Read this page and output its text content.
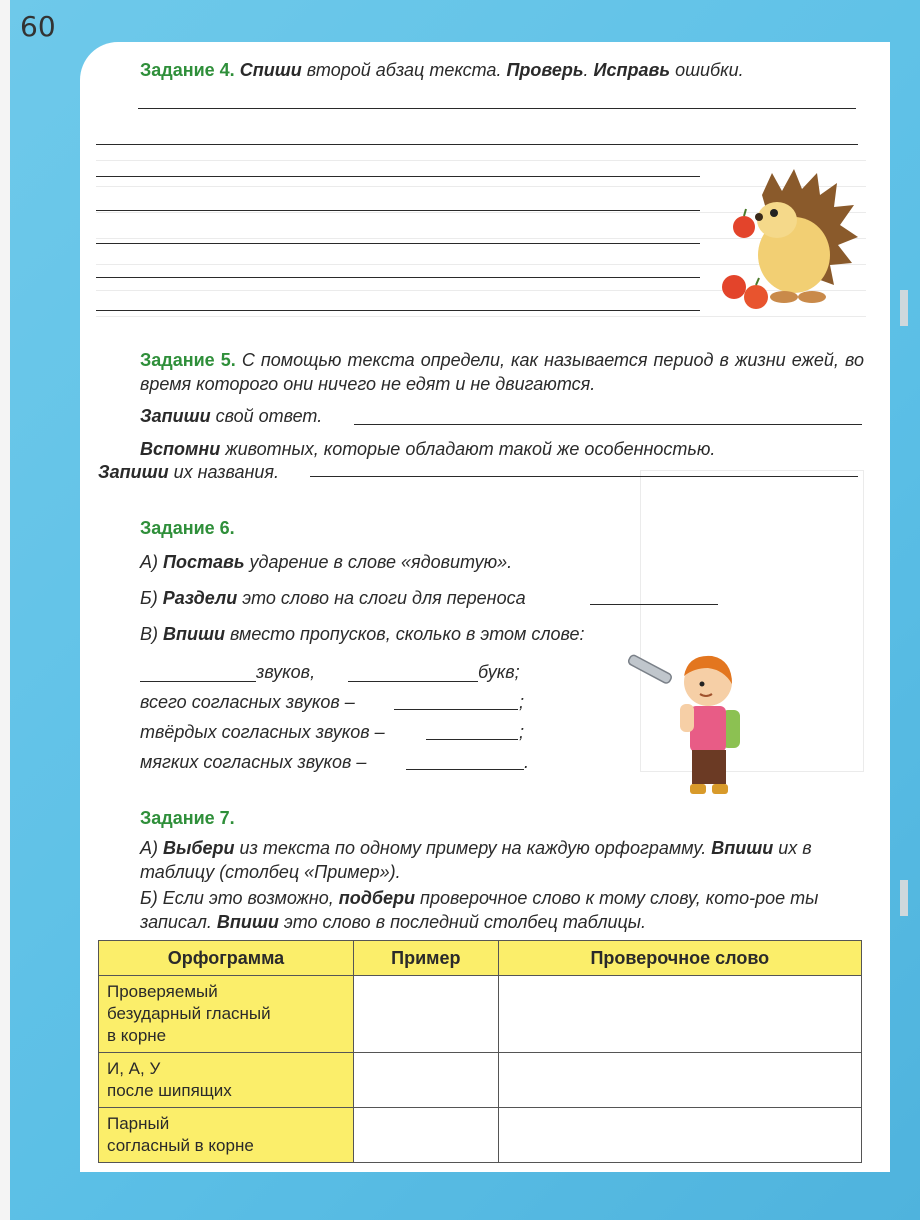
60
Задание 4. Спиши второй абзац текста. Проверь. Исправь ошибки.
Задание 5. С помощью текста определи, как называется период в жизни ежей, во время которого они ничего не едят и не двигаются.
Запиши свой ответ.
Вспомни животных, которые обладают такой же особенностью.
Запиши их названия.
Задание 6.
А) Поставь ударение в слове «ядовитую».
Б) Раздели это слово на слоги для переноса
В) Впиши вместо пропусков, сколько в этом слове:
звуков,	букв;
всего согласных звуков –	;
твёрдых согласных звуков –	;
мягких согласных звуков –	.
Задание 7.
А) Выбери из текста по одному примеру на каждую орфограмму. Впиши их в таблицу (столбец «Пример»).
Б) Если это возможно, подбери проверочное слово к тому слову, кото-рое ты записал. Впиши это слово в последний столбец таблицы.
Орфограмма	Пример	Проверочное слово

Проверяемый
безударный гласный
в корне		

И, А, У
после шипящих		

Парный
согласный в корне		
